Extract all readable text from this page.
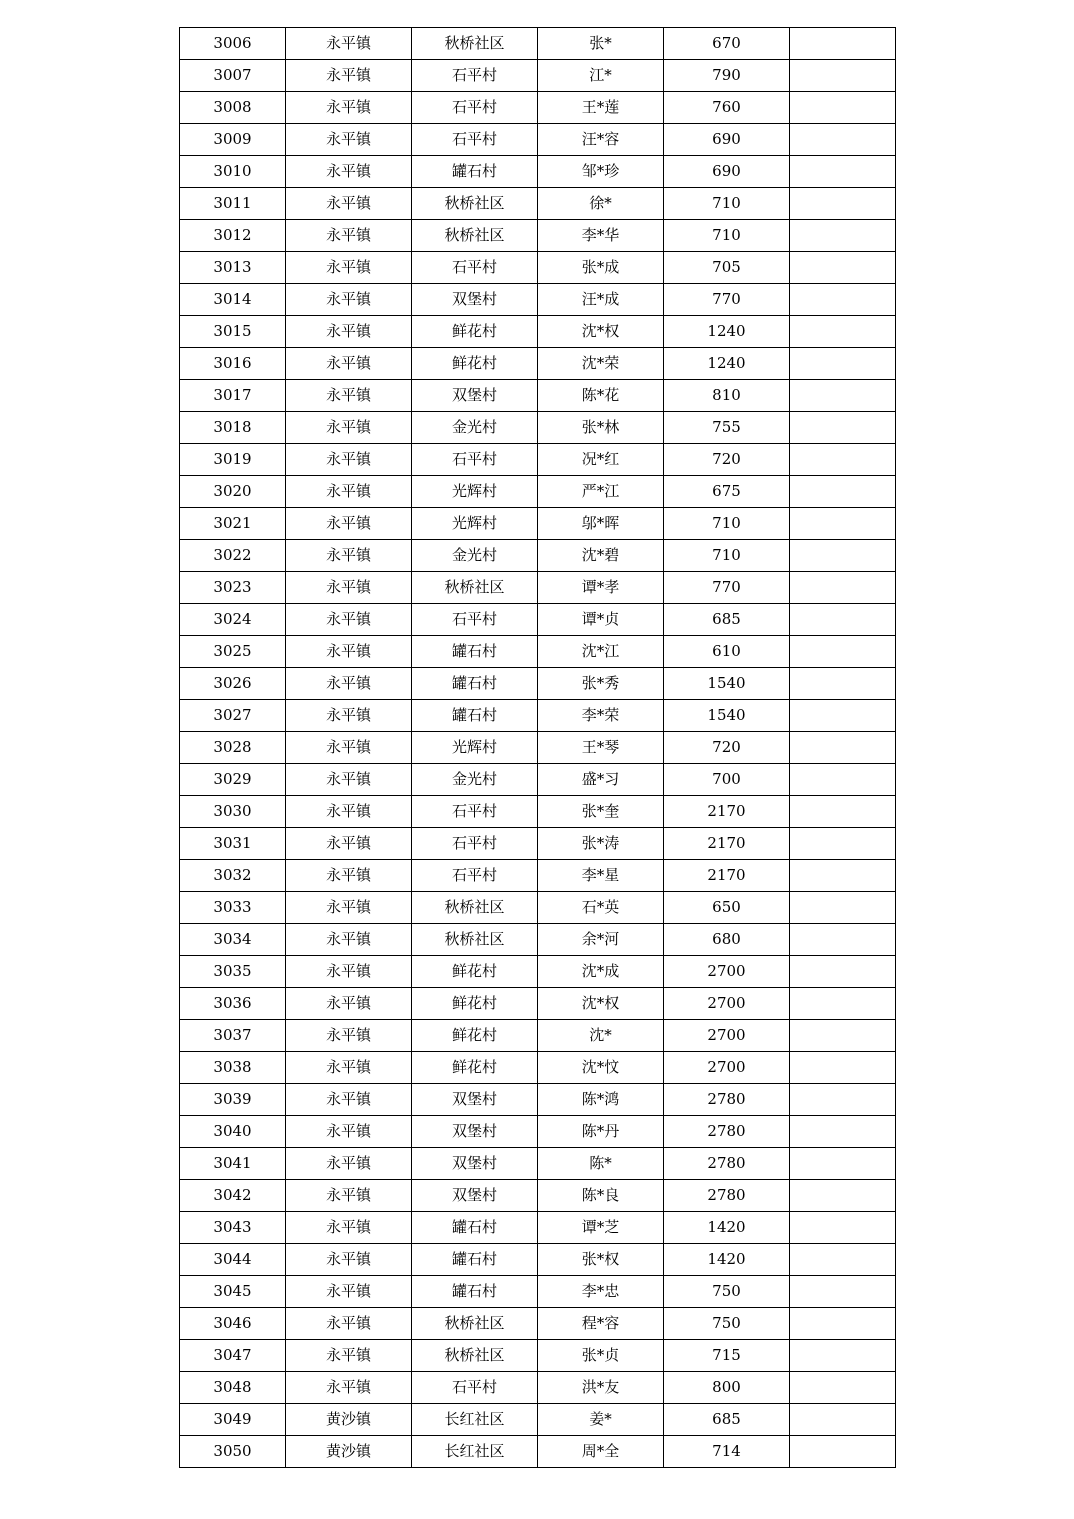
3006	永平镇	秋桥社区	张*	670	
3007	永平镇	石平村	江*	790	
3008	永平镇	石平村	王*莲	760	
3009	永平镇	石平村	汪*容	690	
3010	永平镇	罐石村	邹*珍	690	
3011	永平镇	秋桥社区	徐*	710	
3012	永平镇	秋桥社区	李*华	710	
3013	永平镇	石平村	张*成	705	
3014	永平镇	双堡村	汪*成	770	
3015	永平镇	鲜花村	沈*权	1240	
3016	永平镇	鲜花村	沈*荣	1240	
3017	永平镇	双堡村	陈*花	810	
3018	永平镇	金光村	张*林	755	
3019	永平镇	石平村	况*红	720	
3020	永平镇	光辉村	严*江	675	
3021	永平镇	光辉村	邬*晖	710	
3022	永平镇	金光村	沈*碧	710	
3023	永平镇	秋桥社区	谭*孝	770	
3024	永平镇	石平村	谭*贞	685	
3025	永平镇	罐石村	沈*江	610	
3026	永平镇	罐石村	张*秀	1540	
3027	永平镇	罐石村	李*荣	1540	
3028	永平镇	光辉村	王*琴	720	
3029	永平镇	金光村	盛*习	700	
3030	永平镇	石平村	张*奎	2170	
3031	永平镇	石平村	张*涛	2170	
3032	永平镇	石平村	李*星	2170	
3033	永平镇	秋桥社区	石*英	650	
3034	永平镇	秋桥社区	余*河	680	
3035	永平镇	鲜花村	沈*成	2700	
3036	永平镇	鲜花村	沈*权	2700	
3037	永平镇	鲜花村	沈*	2700	
3038	永平镇	鲜花村	沈*忟	2700	
3039	永平镇	双堡村	陈*鸿	2780	
3040	永平镇	双堡村	陈*丹	2780	
3041	永平镇	双堡村	陈*	2780	
3042	永平镇	双堡村	陈*良	2780	
3043	永平镇	罐石村	谭*芝	1420	
3044	永平镇	罐石村	张*权	1420	
3045	永平镇	罐石村	李*忠	750	
3046	永平镇	秋桥社区	程*容	750	
3047	永平镇	秋桥社区	张*贞	715	
3048	永平镇	石平村	洪*友	800	
3049	黄沙镇	长红社区	姜*	685	
3050	黄沙镇	长红社区	周*全	714	
